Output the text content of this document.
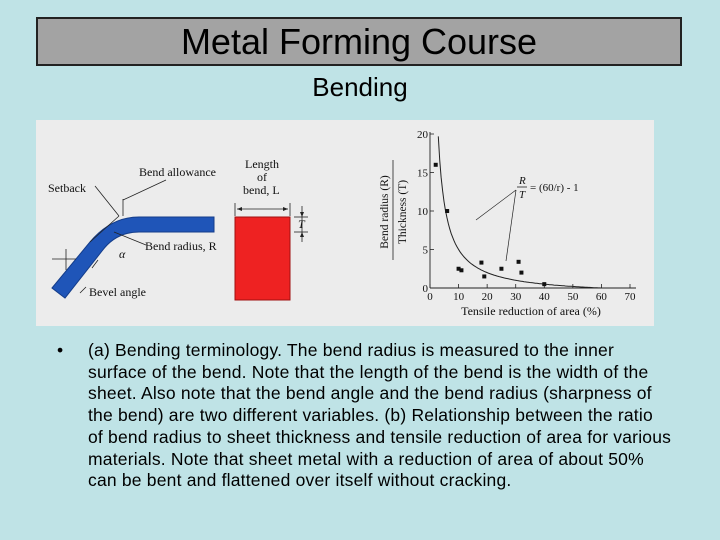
Metal Forming Course
Bending
Bend allowance
Setback
Length
of
bend, L
T
Bend radius, R
α
Bevel angle	0 10 20 30 40 50 60 70
0
5
10
15
20
Bend radius (R) Thickness (T)
Tensile reduction of area (%)
R
T
= (60/r) - 1
•	(a) Bending terminology. The bend radius is measured to the inner surface of the bend. Note that the length of the bend is the width of the sheet. Also note that the bend angle and the bend radius (sharpness of the bend) are two different variables. (b) Relationship between the ratio of bend radius to sheet thickness and tensile reduction of area for various materials. Note that sheet metal with a reduction of area of about 50% can be bent and flattened over itself without cracking.
